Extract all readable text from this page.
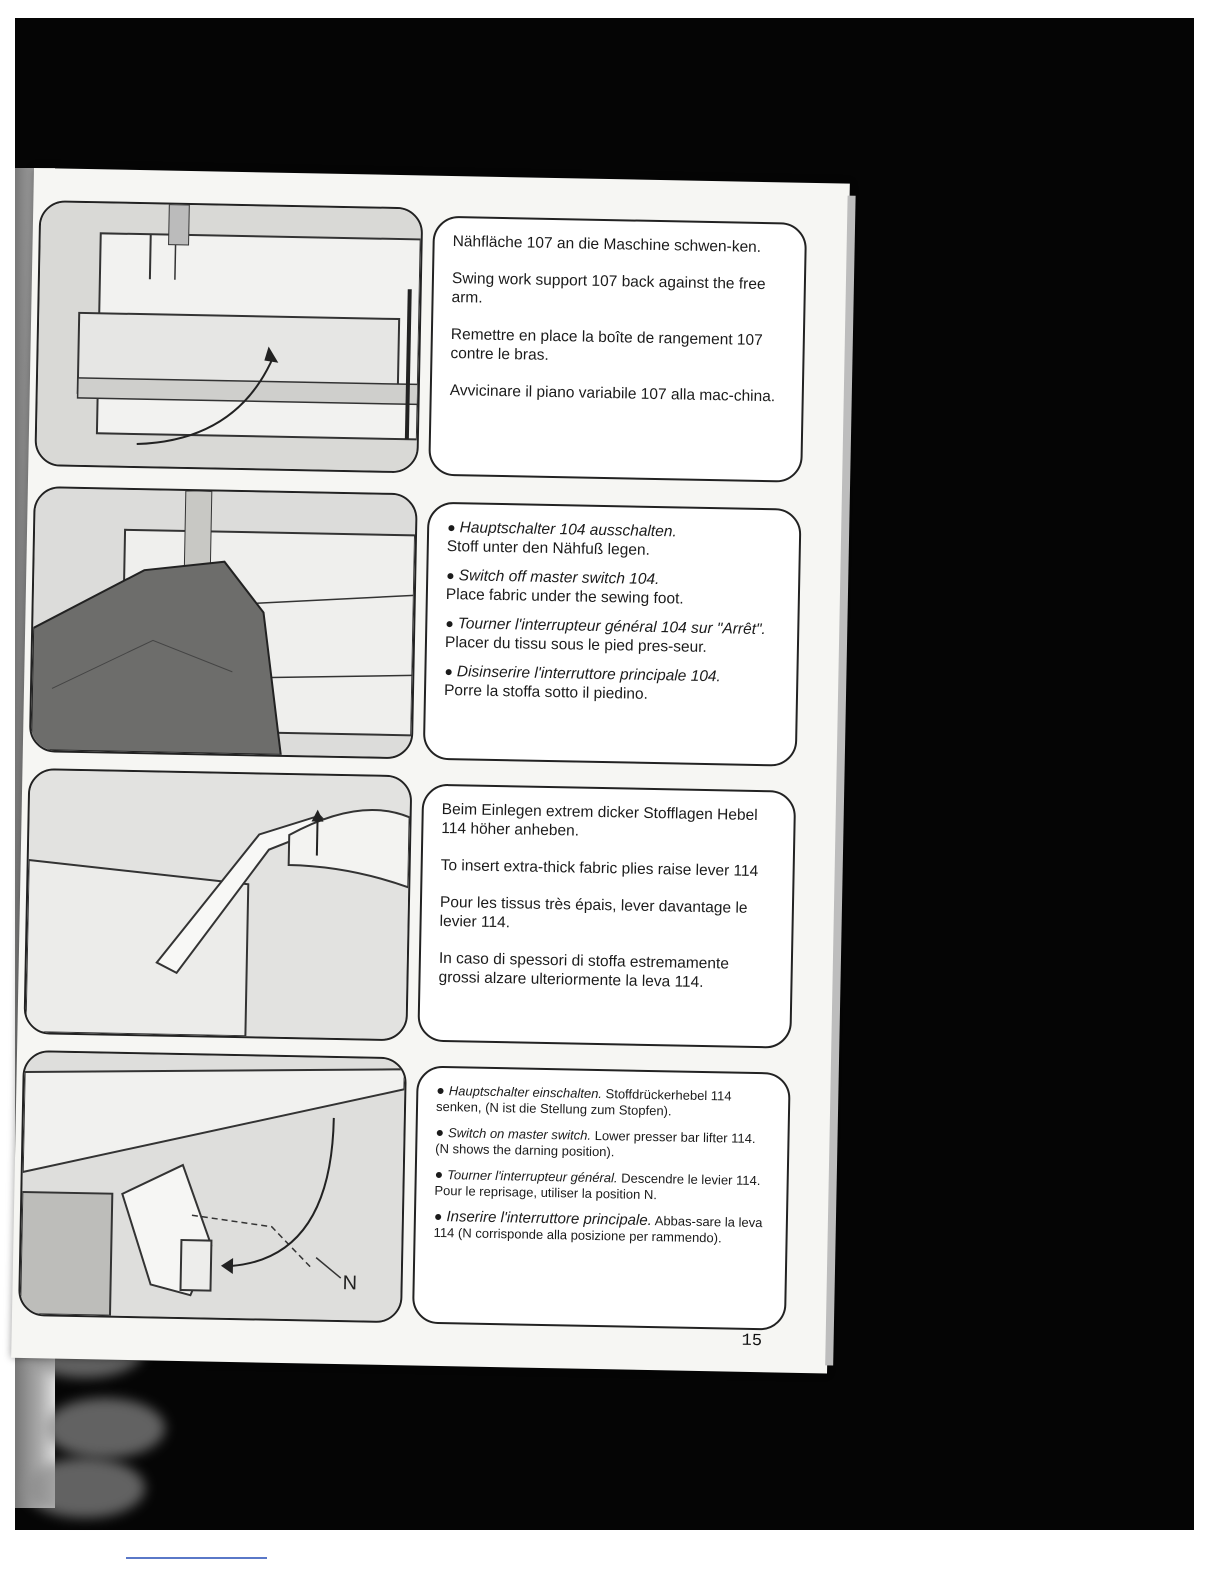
Nähfläche 107 an die Maschine schwen-ken.

Swing work support 107 back against the free arm.

Remettre en place la boîte de rangement 107 contre le bras.

Avvicinare il piano variabile 107 alla mac-china.

● Hauptschalter 104 ausschalten.
Stoff unter den Nähfuß legen.

● Switch off master switch 104.
Place fabric under the sewing foot.

● Tourner l'interrupteur général 104 sur "Arrêt". Placer du tissu sous le pied pres-seur.

● Disinserire l'interruttore principale 104.
Porre la stoffa sotto il piedino.

Beim Einlegen extrem dicker Stofflagen Hebel 114 höher anheben.

To insert extra-thick fabric plies raise lever 114

Pour les tissus très épais, lever davantage le levier 114.

In caso di spessori di stoffa estremamente grossi alzare ulteriormente la leva 114.

N

● Hauptschalter einschalten. Stoffdrückerhebel 114 senken, (N ist die Stellung zum Stopfen).

● Switch on master switch. Lower presser bar lifter 114. (N shows the darning position).

● Tourner l'interrupteur général. Descendre le levier 114. Pour le reprisage, utiliser la position N.

● Inserire l'interruttore principale. Abbas-sare la leva 114 (N corrisponde alla posizione per rammendo).

15
